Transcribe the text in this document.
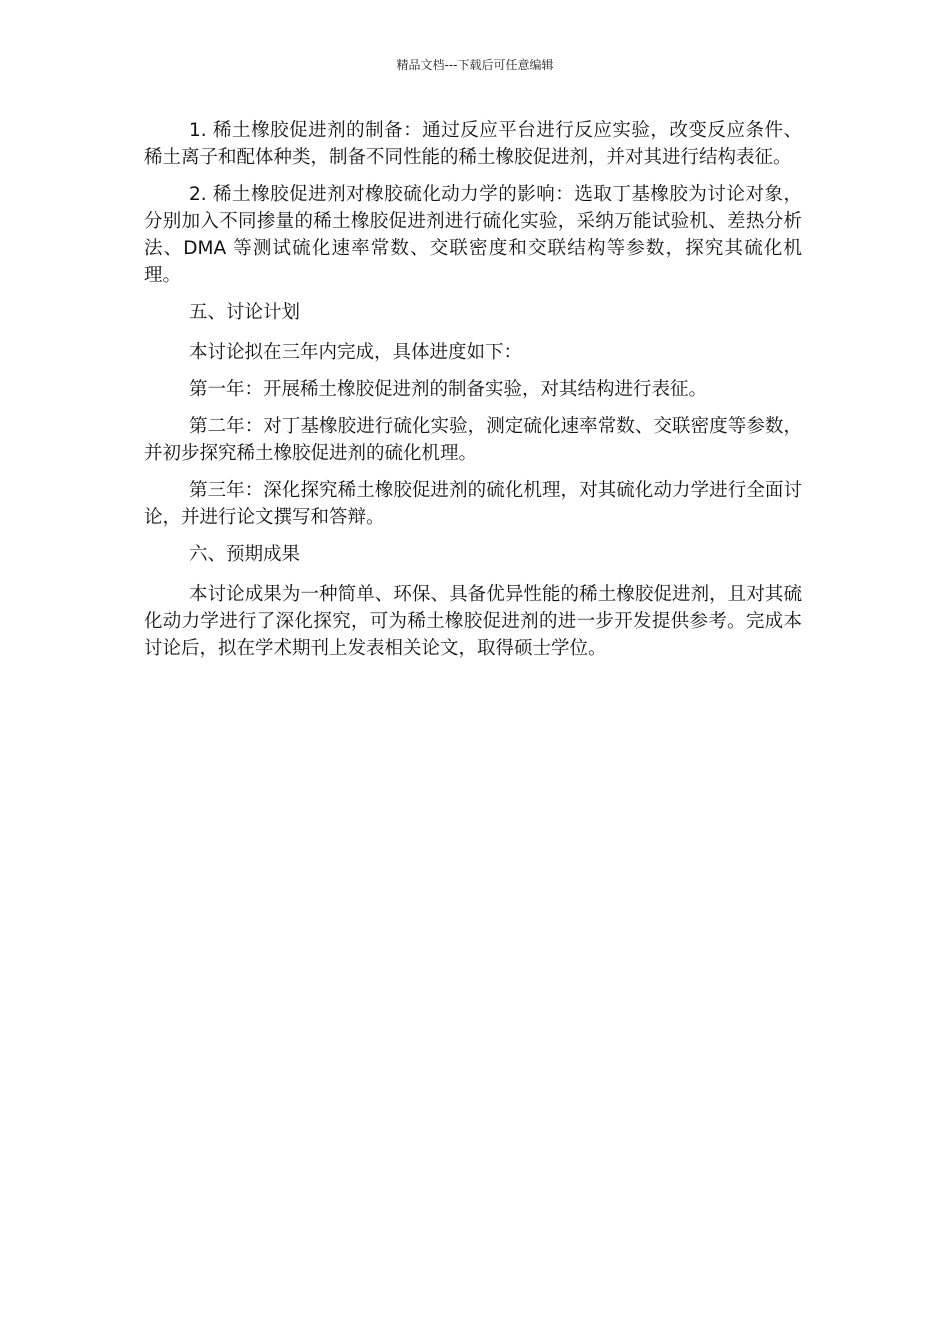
精品文档---下载后可任意编辑

1. 稀土橡胶促进剂的制备：通过反应平台进行反应实验，改变反应条件、稀土离子和配体种类，制备不同性能的稀土橡胶促进剂，并对其进行结构表征。

2. 稀土橡胶促进剂对橡胶硫化动力学的影响：选取丁基橡胶为讨论对象，分别加入不同掺量的稀土橡胶促进剂进行硫化实验，采纳万能试验机、差热分析法、DMA 等测试硫化速率常数、交联密度和交联结构等参数，探究其硫化机理。

五、讨论计划

本讨论拟在三年内完成，具体进度如下：

第一年：开展稀土橡胶促进剂的制备实验，对其结构进行表征。

第二年：对丁基橡胶进行硫化实验，测定硫化速率常数、交联密度等参数，并初步探究稀土橡胶促进剂的硫化机理。

第三年：深化探究稀土橡胶促进剂的硫化机理，对其硫化动力学进行全面讨论，并进行论文撰写和答辩。

六、预期成果

本讨论成果为一种简单、环保、具备优异性能的稀土橡胶促进剂，且对其硫化动力学进行了深化探究，可为稀土橡胶促进剂的进一步开发提供参考。完成本讨论后，拟在学术期刊上发表相关论文，取得硕士学位。
